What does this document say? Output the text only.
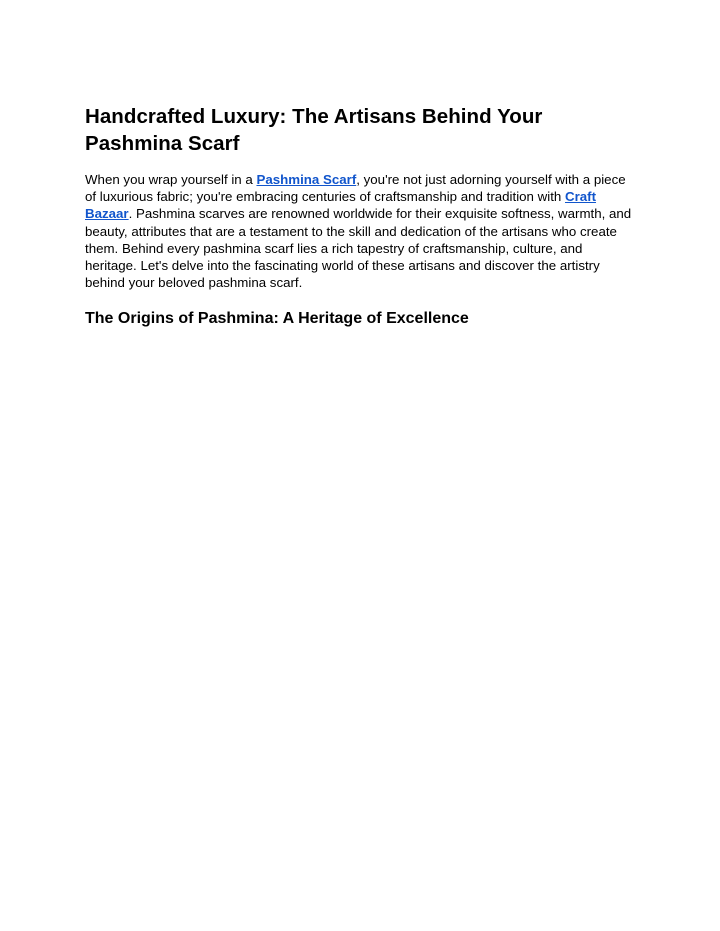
Handcrafted Luxury: The Artisans Behind Your Pashmina Scarf

When you wrap yourself in a Pashmina Scarf, you're not just adorning yourself with a piece of luxurious fabric; you're embracing centuries of craftsmanship and tradition with Craft Bazaar. Pashmina scarves are renowned worldwide for their exquisite softness, warmth, and beauty, attributes that are a testament to the skill and dedication of the artisans who create them. Behind every pashmina scarf lies a rich tapestry of craftsmanship, culture, and heritage. Let's delve into the fascinating world of these artisans and discover the artistry behind your beloved pashmina scarf.

The Origins of Pashmina: A Heritage of Excellence
